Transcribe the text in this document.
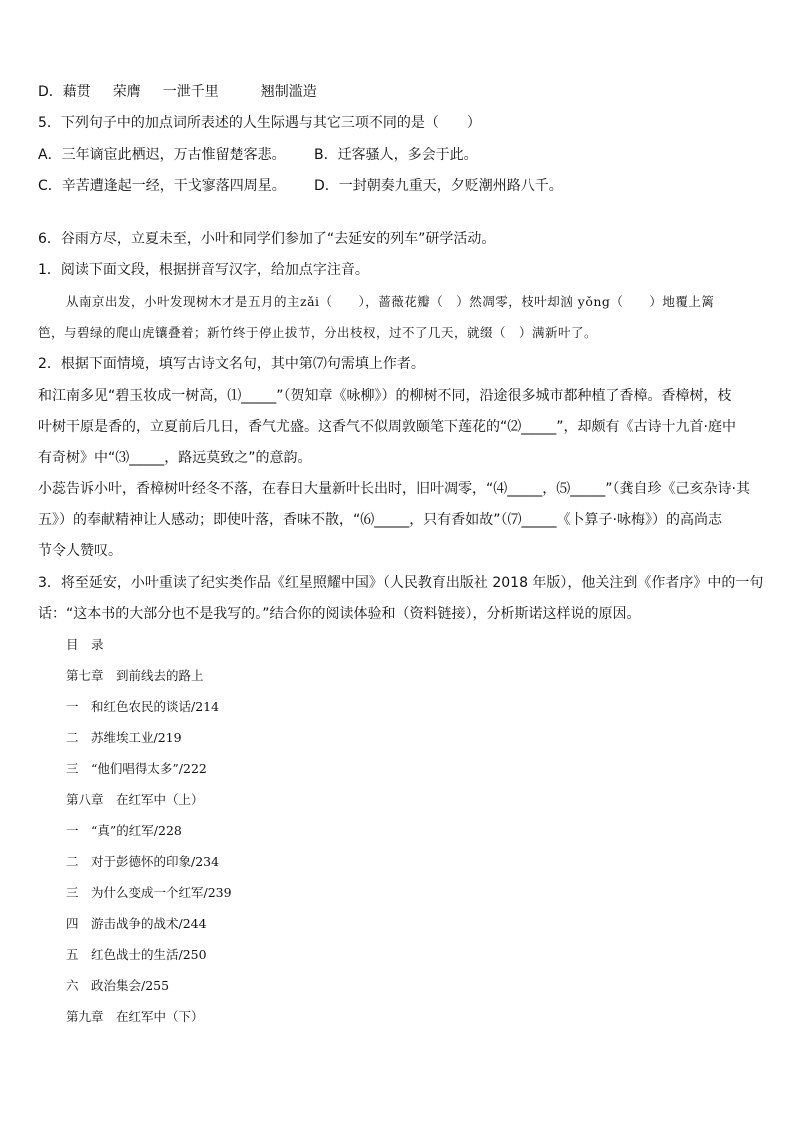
D．藉贯 荣膺 一泄千里	翘制滥造
5．下列句子中的加点词所表述的人生际遇与其它三项不同的是（　　）
A．三年谪宦此栖迟，万古惟留楚客悲。 B．迁客骚人，多会于此。
C．辛苦遭逢起一经，干戈寥落四周星。 D．一封朝奏九重天，夕贬潮州路八千。
6．谷雨方尽，立夏未至，小叶和同学们参加了“去延安的列车”研学活动。
1．阅读下面文段，根据拼音写汉字，给加点字注音。
从南京出发，小叶发现树木才是五月的主zǎi（　　），蔷薇花瓣（　）然凋零，枝叶却汹 yǒng（　　）地覆上篱
笆，与碧绿的爬山虎镶叠着；新竹终于停止拔节，分出枝杈，过不了几天，就缀（　）满新叶了。
2．根据下面情境，填写古诗文名句，其中第⑺句需填上作者。
和江南多见“碧玉妆成一树高，⑴_____”（贺知章《咏柳》）的柳树不同，沿途很多城市都种植了香樟。香樟树，枝
叶树干原是香的，立夏前后几日，香气尤盛。这香气不似周敦颐笔下莲花的“⑵_____”，却颇有《古诗十九首·庭中
有奇树》中“⑶_____，路远莫致之”的意韵。
小蕊告诉小叶，香樟树叶经冬不落，在春日大量新叶长出时，旧叶凋零，“⑷_____，⑸_____”（龚自珍《己亥杂诗·其
五》）的奉献精神让人感动；即使叶落，香味不散，“⑹_____，只有香如故”（⑺_____《卜算子·咏梅》）的高尚志
节令人赞叹。
3．将至延安，小叶重读了纪实类作品《红星照耀中国》（人民教育出版社 2018 年版），他关注到《作者序》中的一句
话：“这本书的大部分也不是我写的。”结合你的阅读体验和（资料链接），分析斯诺这样说的原因。
目　录
第七章　到前线去的路上
一　和红色农民的谈话/214
二　苏维埃工业/219
三　“他们唱得太多”/222
第八章　在红军中（上）
一　“真”的红军/228
二　对于彭德怀的印象/234
三　为什么变成一个红军/239
四　游击战争的战术/244
五　红色战士的生活/250
六　政治集会/255
第九章　在红军中（下）
